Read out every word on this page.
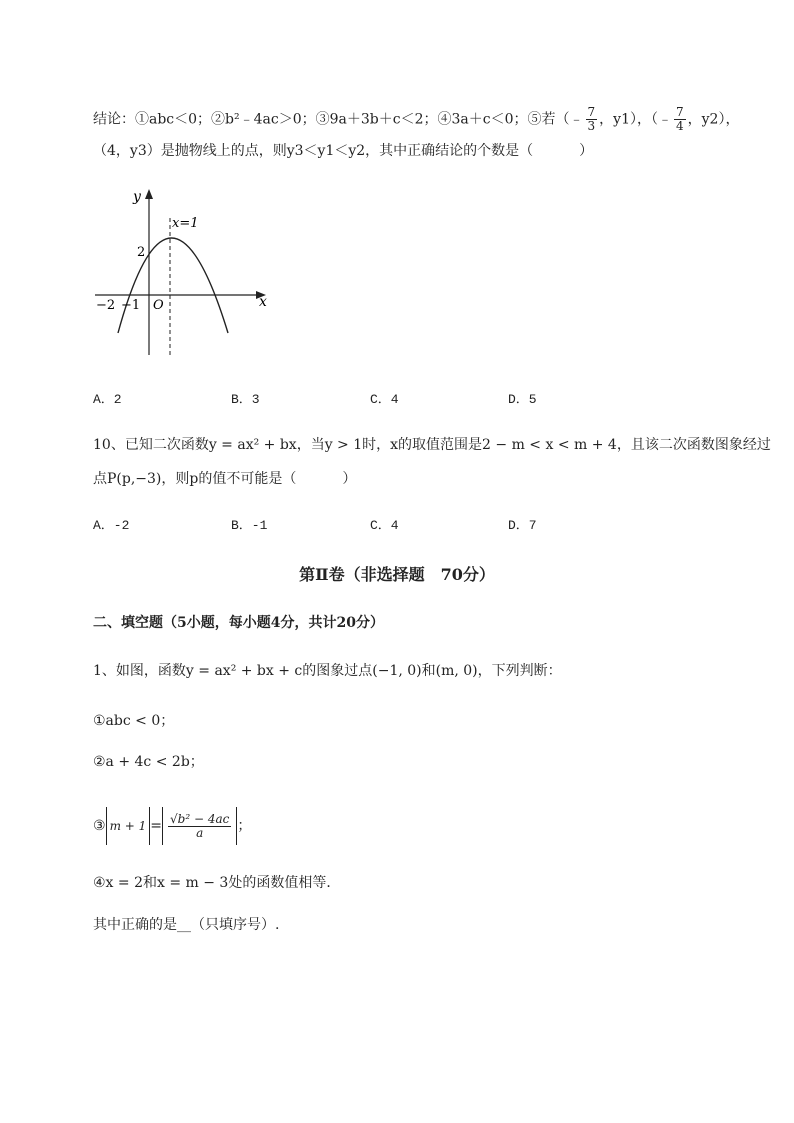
结论：①abc＜0；②b²﹣4ac＞0；③9a＋3b＋c＜2；④3a＋c＜0；⑤若（﹣ $\frac{7}{3}$ ，y1），（﹣ $\frac{7}{4}$ ，y2），
（4，y3）是抛物线上的点，则y3＜y1＜y2，其中正确结论的个数是（	）
y
x
x=1
2
−2 −1 O
A．2	B．3	C．4	D．5
10、已知二次函数y = ax² + bx，当y > 1时，x的取值范围是2 − m < x < m + 4，且该二次函数图象经过
点P(p,−3)，则p的值不可能是（	）
A．-2	B．-1	C．4	D．7
第Ⅱ卷（非选择题　70分）
二、填空题（5小题，每小题4分，共计20分）
1、如图，函数y = ax² + bx + c的图象过点(−1, 0)和(m, 0)，下列判断：
①abc < 0；
②a + 4c < 2b；
③ $m + 1 = \frac{\text{√b² − 4ac}}{a}$ ；
④x = 2和x = m − 3处的函数值相等．
其中正确的是__（只填序号）.
